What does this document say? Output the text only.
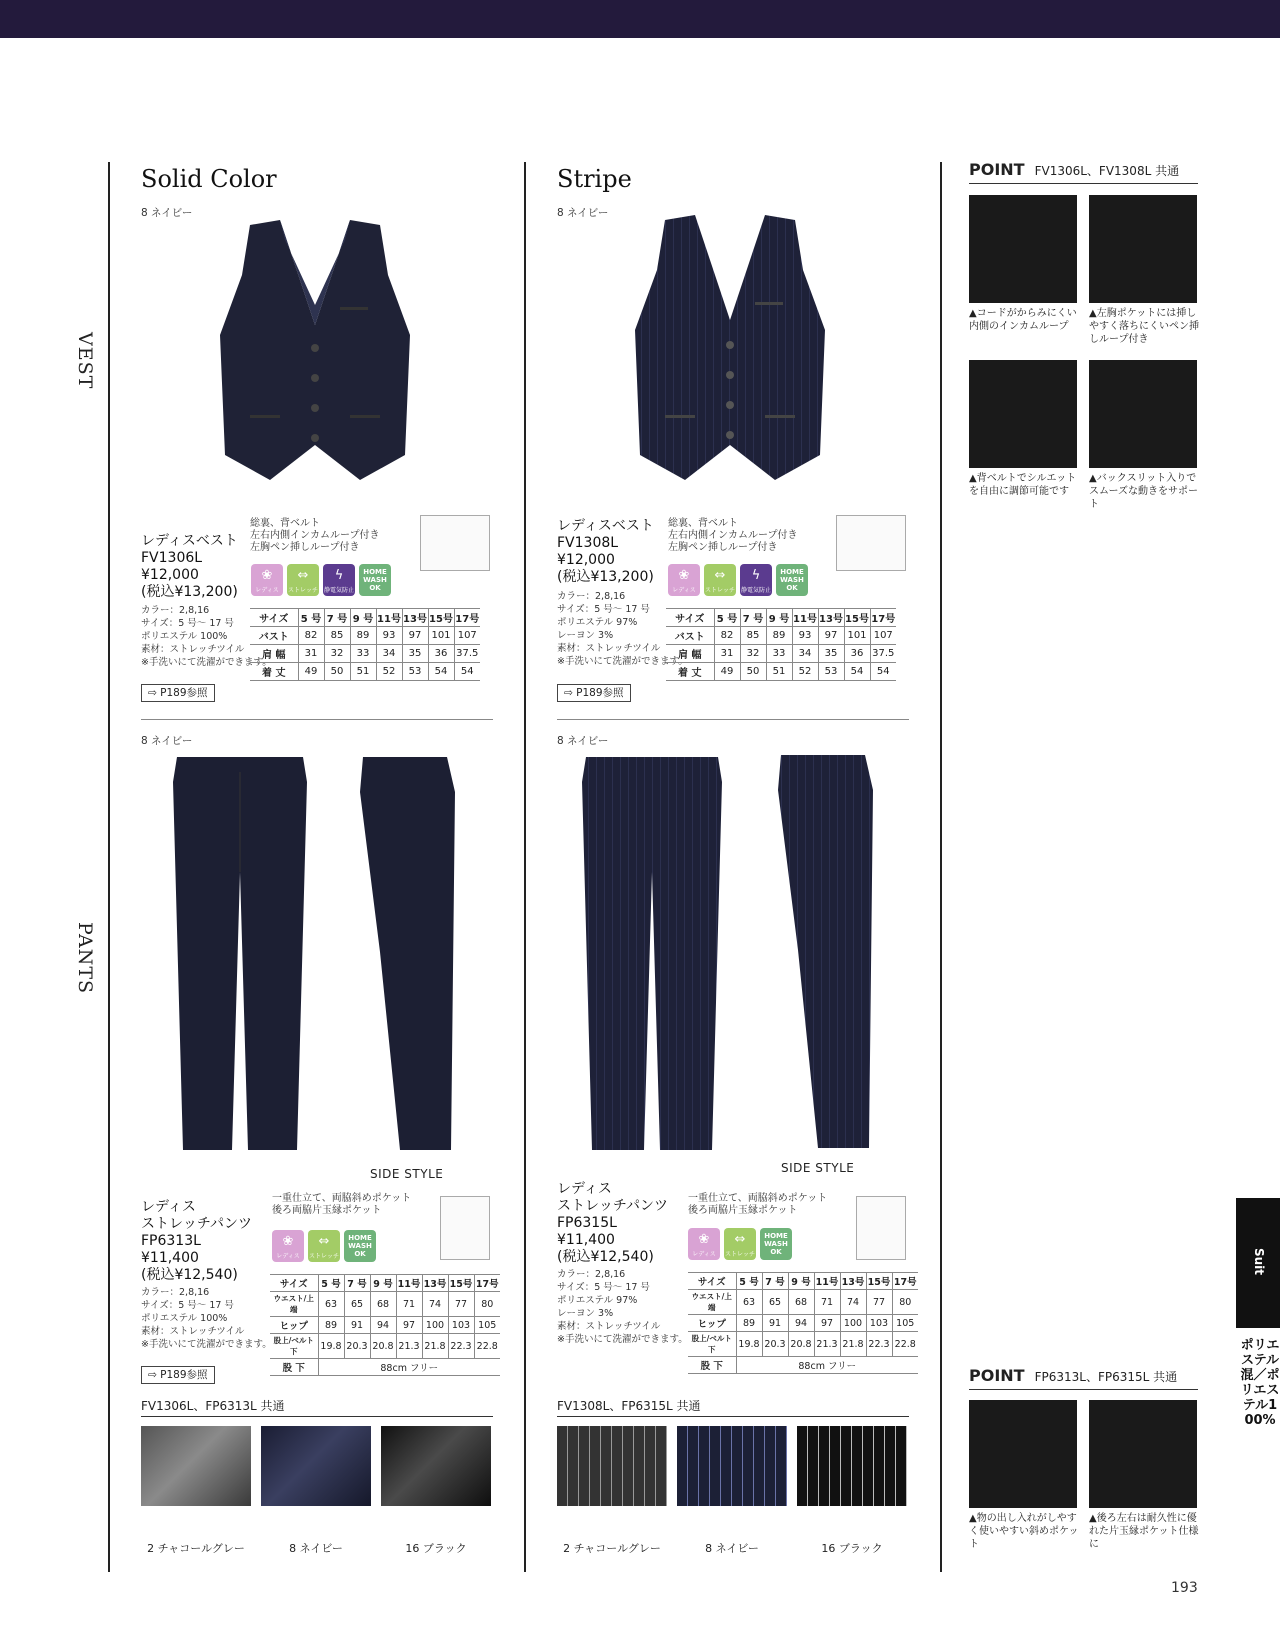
VEST
PANTS
Solid Color
8 ネイビー
レディスベスト
FV1306L
¥12,000
(税込¥13,200)
カラー：2,8,16
サイズ：5 号〜 17 号
ポリエステル 100%
素材：ストレッチツイル
※手洗いにて洗濯ができます。
総裏、背ベルト
左右内側インカムループ付き
左胸ペン挿しループ付き
❀
レディス
⇔
ストレッチ
ϟ
静電気防止
HOME WASH OK
サイズ	5 号	7 号	9 号	11号	13号	15号	17号
バスト	82	85	89	93	97	101	107
肩 幅	31	32	33	34	35	36	37.5
着 丈	49	50	51	52	53	54	54
⇨ P189参照
8 ネイビー
SIDE STYLE
レディス
ストレッチパンツ
FP6313L
¥11,400
(税込¥12,540)
カラー：2,8,16
サイズ：5 号〜 17 号
ポリエステル 100%
素材：ストレッチツイル
※手洗いにて洗濯ができます。
一重仕立て、両脇斜めポケット
後ろ両脇片玉縁ポケット
❀
レディス
⇔
ストレッチ
HOME WASH OK
サイズ	5 号	7 号	9 号	11号	13号	15号	17号
ウエスト/上端	63	65	68	71	74	77	80
ヒップ	89	91	94	97	100	103	105
股上/ベルト下	19.8	20.3	20.8	21.3	21.8	22.3	22.8
股 下	88cm フリー						
⇨ P189参照
FV1306L、FP6313L 共通
2 チャコールグレー	8 ネイビー	16 ブラック
Stripe
8 ネイビー
レディスベスト
FV1308L
¥12,000
(税込¥13,200)
カラー：2,8,16
サイズ：5 号〜 17 号
ポリエステル 97%
レーヨン 3%
素材：ストレッチツイル
※手洗いにて洗濯ができます。
総裏、背ベルト
左右内側インカムループ付き
左胸ペン挿しループ付き
❀
レディス
⇔
ストレッチ
ϟ
静電気防止
HOME WASH OK
サイズ	5 号	7 号	9 号	11号	13号	15号	17号
バスト	82	85	89	93	97	101	107
肩 幅	31	32	33	34	35	36	37.5
着 丈	49	50	51	52	53	54	54
⇨ P189参照
8 ネイビー
SIDE STYLE
レディス
ストレッチパンツ
FP6315L
¥11,400
(税込¥12,540)
カラー：2,8,16
サイズ：5 号〜 17 号
ポリエステル 97%
レーヨン 3%
素材：ストレッチツイル
※手洗いにて洗濯ができます。
一重仕立て、両脇斜めポケット
後ろ両脇片玉縁ポケット
❀
レディス
⇔
ストレッチ
HOME WASH OK
サイズ	5 号	7 号	9 号	11号	13号	15号	17号
ウエスト/上端	63	65	68	71	74	77	80
ヒップ	89	91	94	97	100	103	105
股上/ベルト下	19.8	20.3	20.8	21.3	21.8	22.3	22.8
股 下	88cm フリー						
FV1308L、FP6315L 共通
2 チャコールグレー	8 ネイビー	16 ブラック
POINT FV1306L、FV1308L 共通
▲コードがからみにくい内側のインカムループ
▲左胸ポケットには挿しやすく落ちにくいペン挿しループ付き
▲背ベルトでシルエットを自由に調節可能です
▲バックスリット入りでスムーズな動きをサポート
POINT FP6313L、FP6315L 共通
▲物の出し入れがしやすく使いやすい斜めポケット
▲後ろ左右は耐久性に優れた片玉縁ポケット仕様に
Suit
ポリエステル混／ポリエステル100%
193
